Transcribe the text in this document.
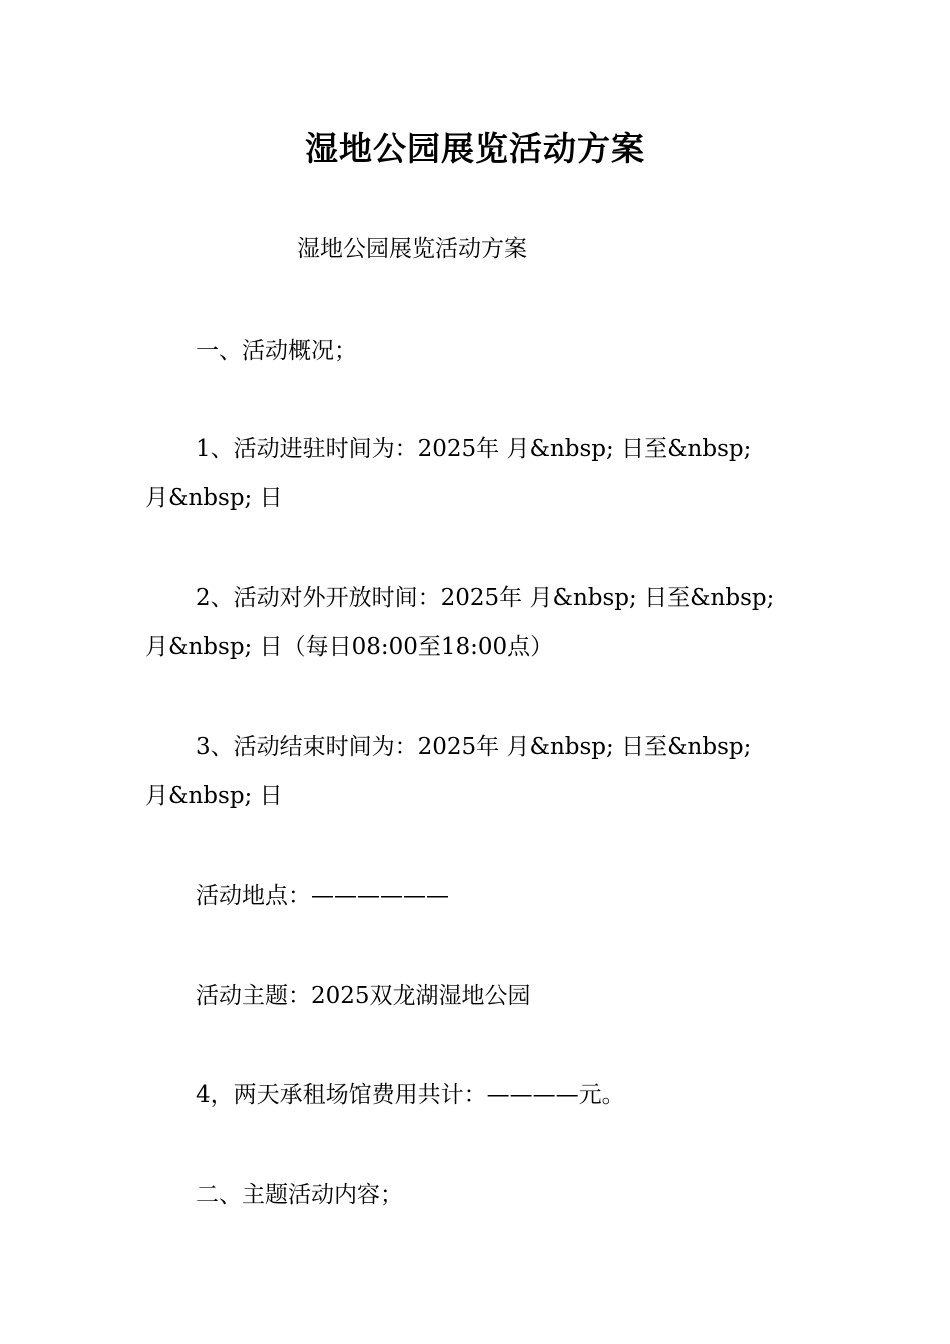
湿地公园展览活动方案
湿地公园展览活动方案
一、活动概况；
1、活动进驻时间为：2025年 月&nbsp; 日至&nbsp;
月&nbsp; 日
2、活动对外开放时间：2025年 月&nbsp; 日至&nbsp;
月&nbsp; 日（每日08:00至18:00点）
3、活动结束时间为：2025年 月&nbsp; 日至&nbsp;
月&nbsp; 日
活动地点：——————
活动主题：2025双龙湖湿地公园
4，两天承租场馆费用共计：————元。
二、主题活动内容；
